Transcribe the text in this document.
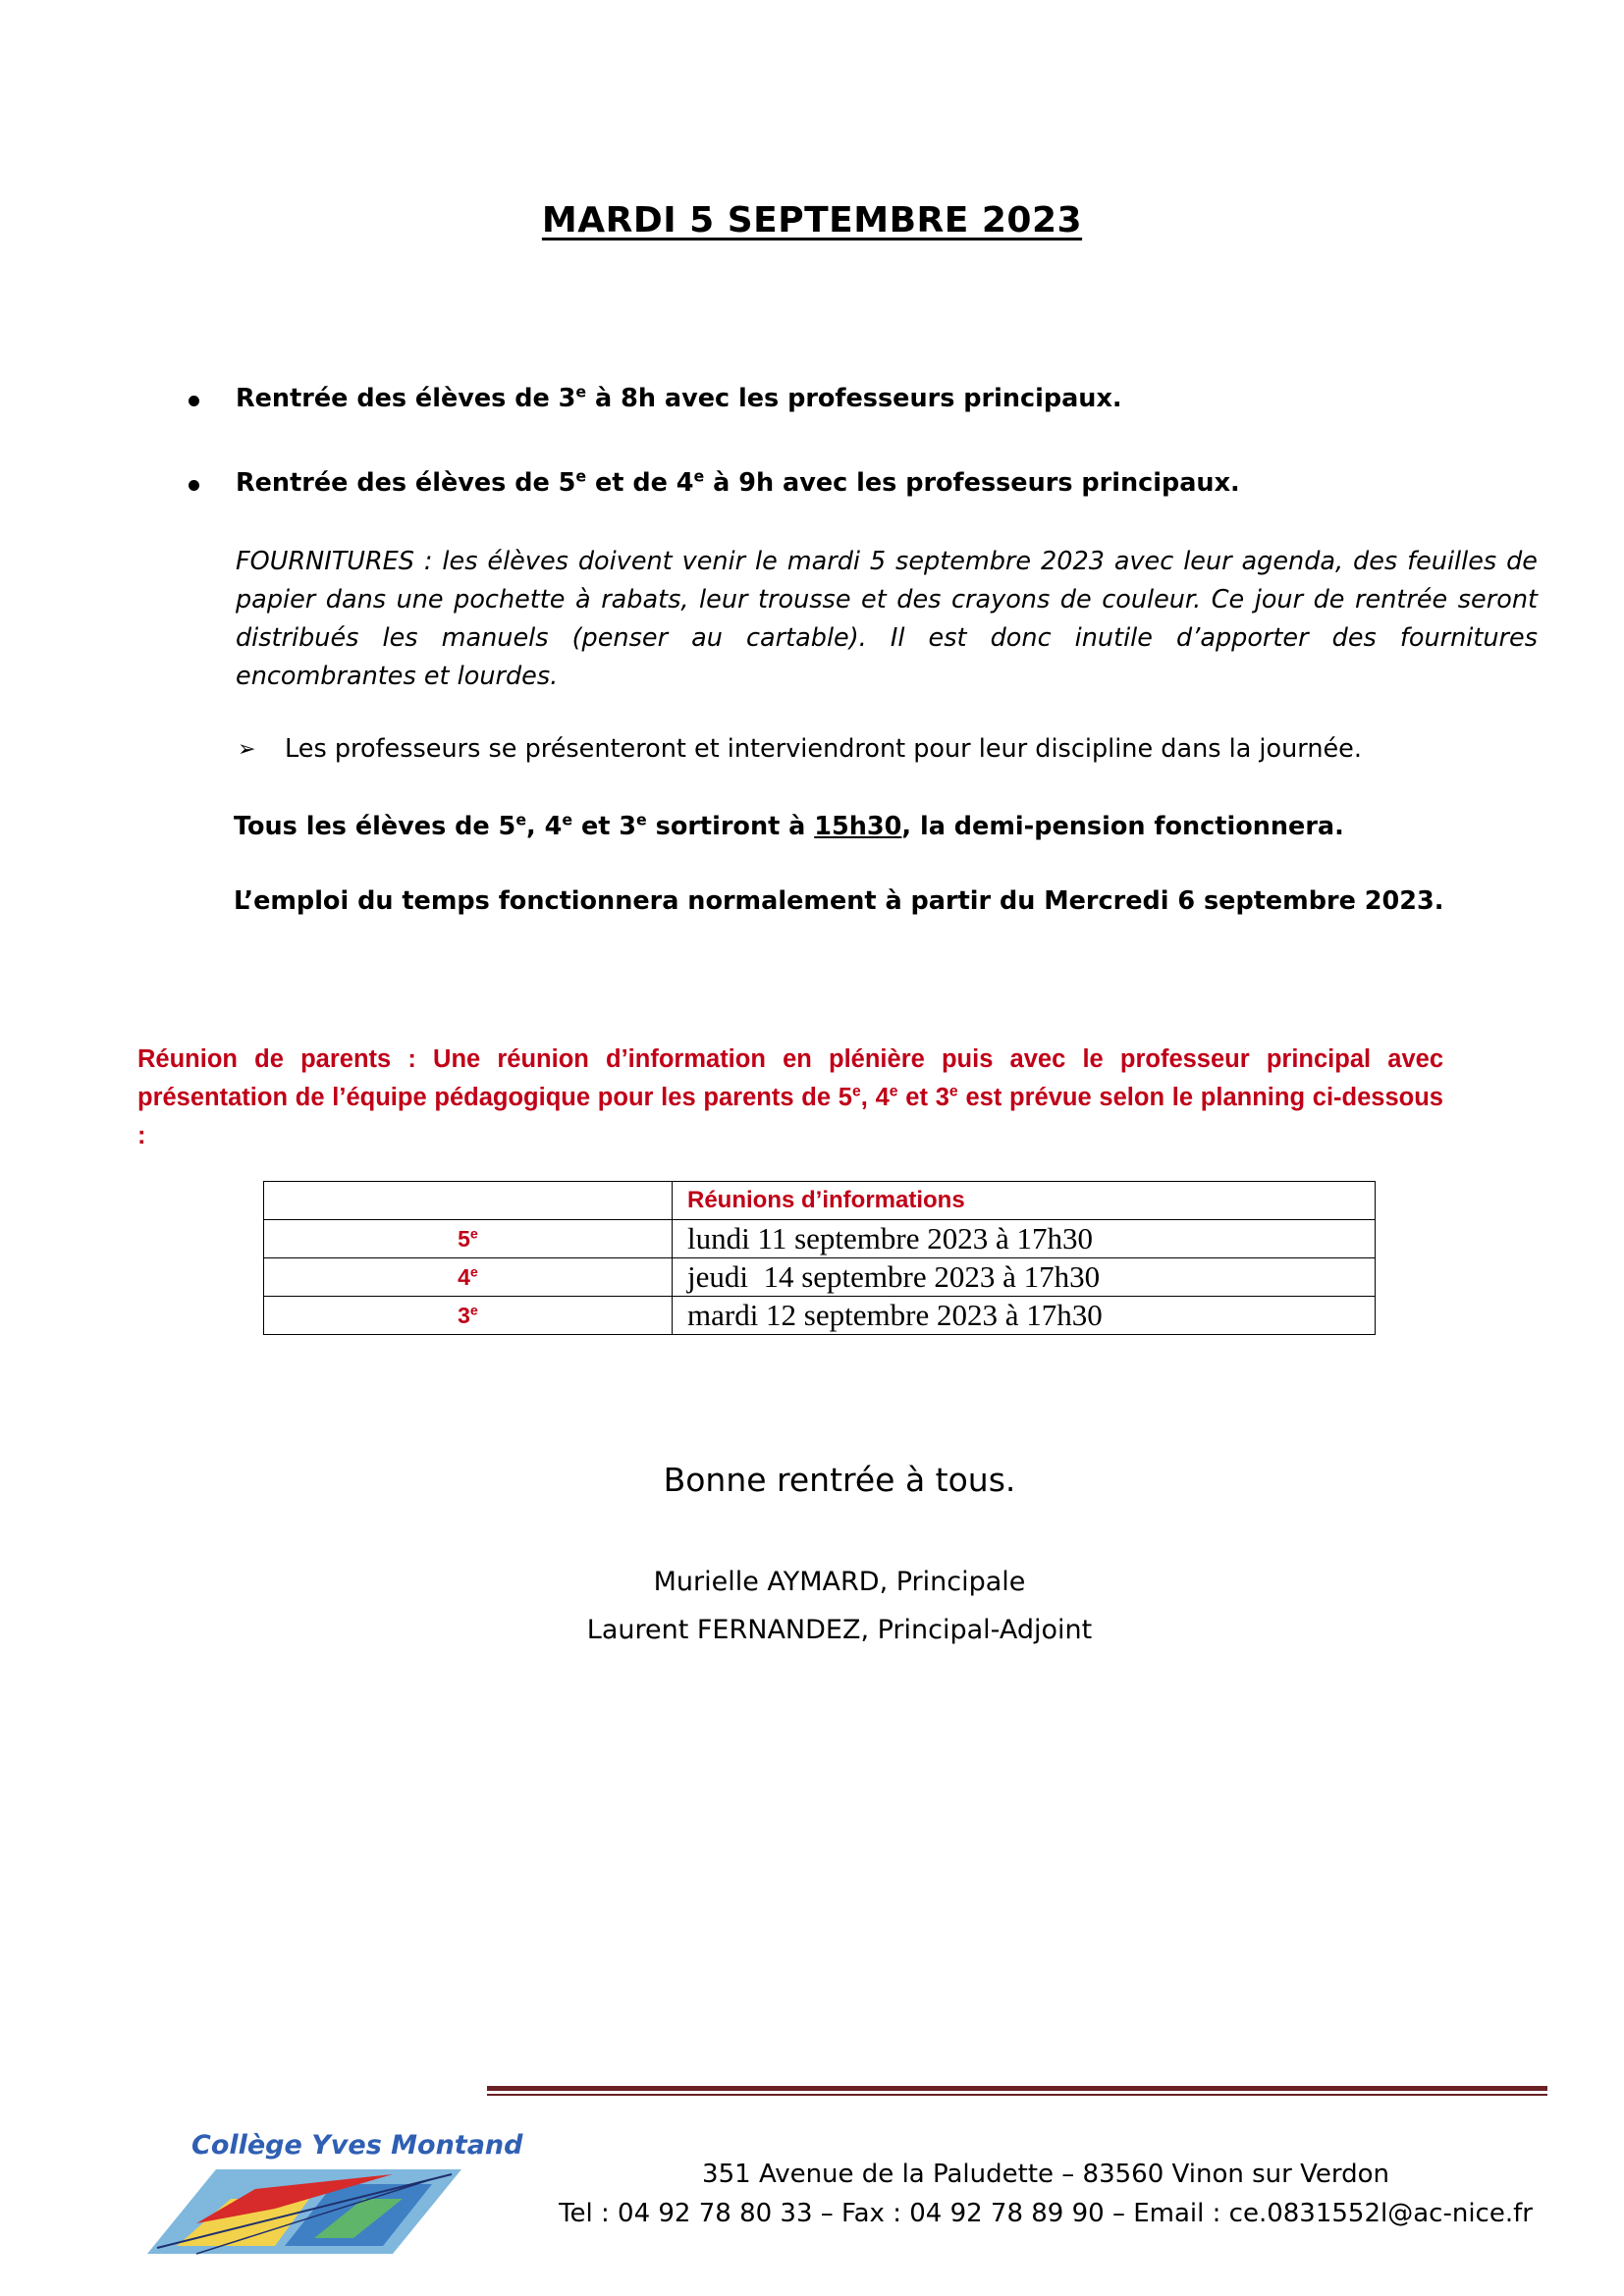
MARDI 5 SEPTEMBRE 2023
Rentrée des élèves de 3e à 8h avec les professeurs principaux.
Rentrée des élèves de 5e et de 4e à 9h avec les professeurs principaux.
FOURNITURES : les élèves doivent venir le mardi 5 septembre 2023 avec leur agenda, des feuilles de papier dans une pochette à rabats, leur trousse et des crayons de couleur. Ce jour de rentrée seront distribués les manuels (penser au cartable). Il est donc inutile d’apporter des fournitures encombrantes et lourdes.
➢ Les professeurs se présenteront et interviendront pour leur discipline dans la journée.
Tous les élèves de 5e, 4e et 3e sortiront à 15h30, la demi-pension fonctionnera.
L’emploi du temps fonctionnera normalement à partir du Mercredi 6 septembre 2023.
Réunion de parents : Une réunion d’information en plénière puis avec le professeur principal avec présentation de l’équipe pédagogique pour les parents de 5e, 4e et 3e est prévue selon le planning ci-dessous :
	Réunions d’informations
5e	lundi 11 septembre 2023 à 17h30
4e	jeudi  14 septembre 2023 à 17h30
3e	mardi 12 septembre 2023 à 17h30
Bonne rentrée à tous.
Murielle AYMARD, Principale
Laurent FERNANDEZ, Principal-Adjoint
Collège Yves Montand
351 Avenue de la Paludette – 83560 Vinon sur Verdon
Tel : 04 92 78 80 33 – Fax : 04 92 78 89 90 – Email : ce.0831552l@ac-nice.fr
